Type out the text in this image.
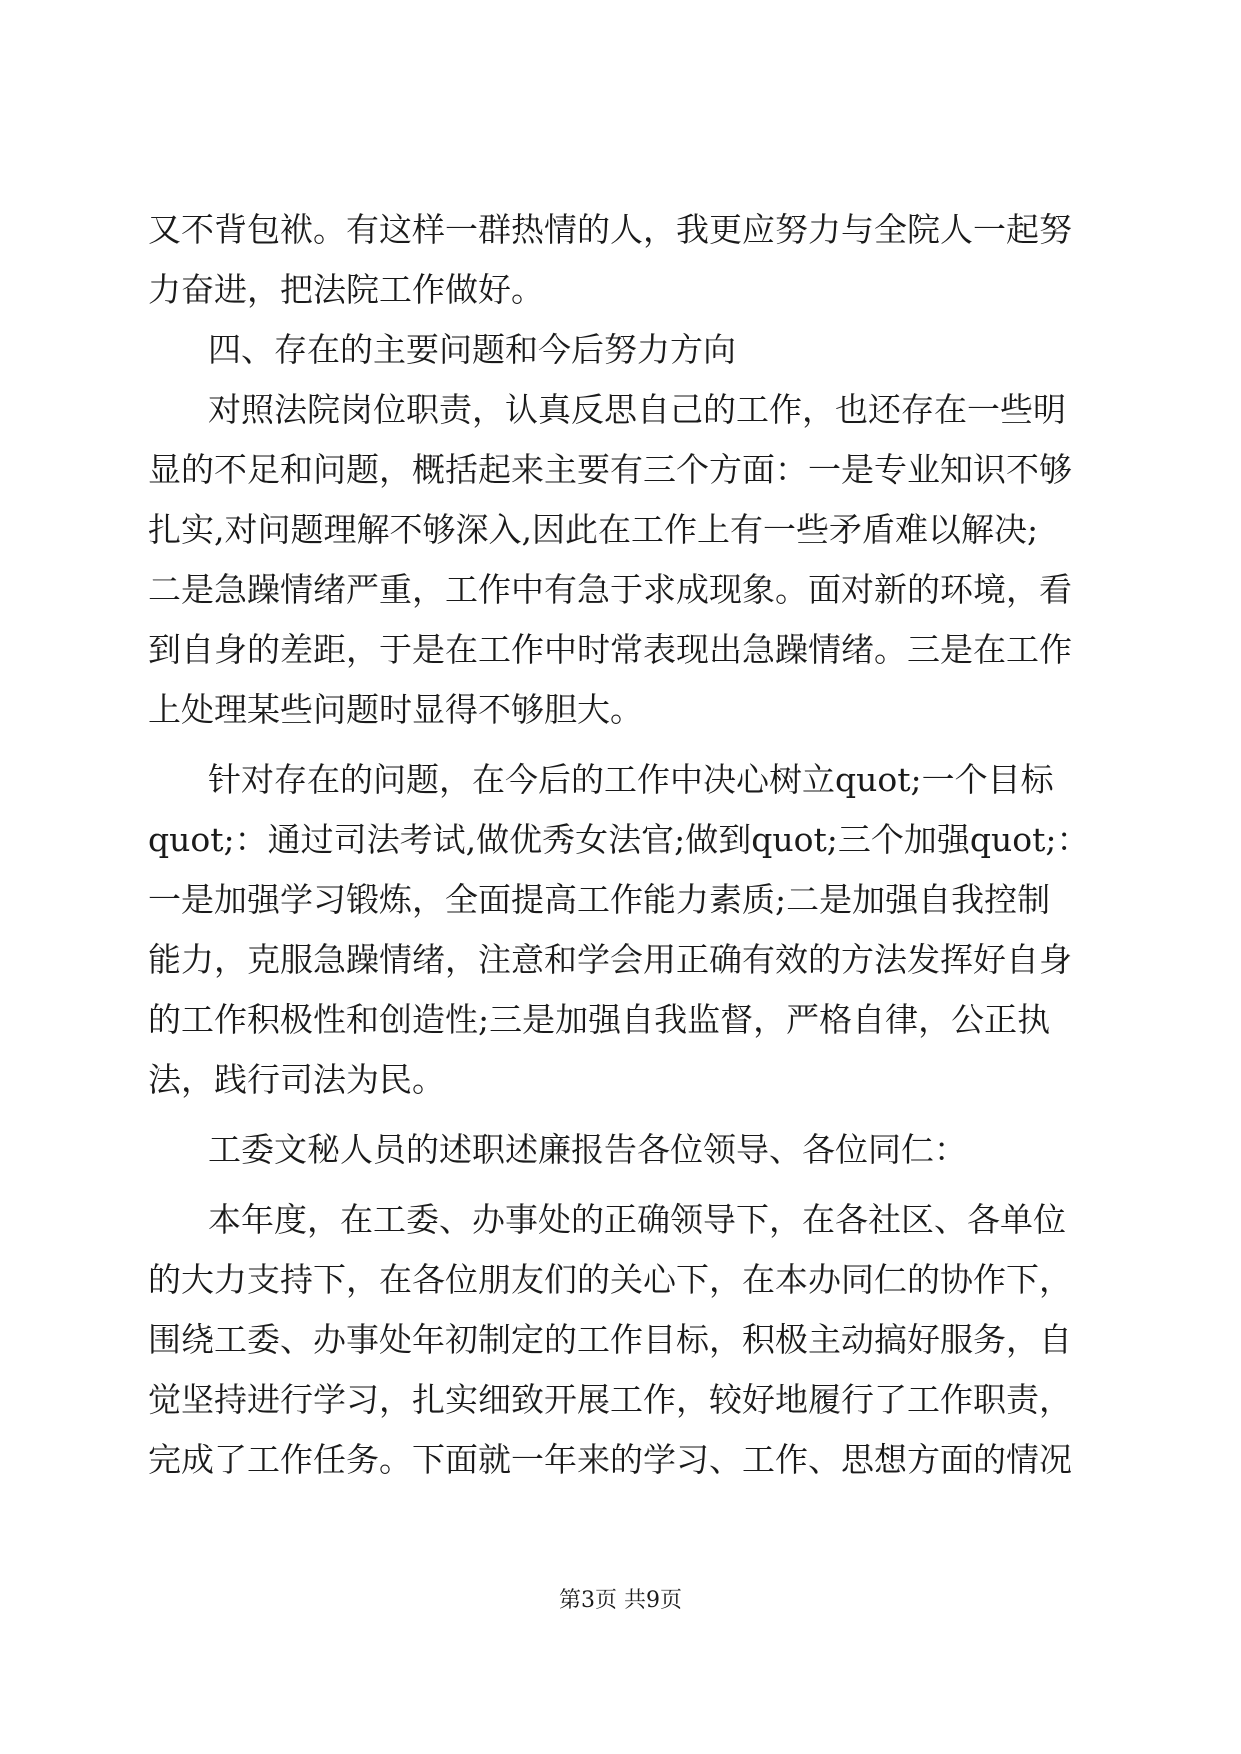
又不背包袱。有这样一群热情的人，我更应努力与全院人一起努
力奋进，把法院工作做好。
四、存在的主要问题和今后努力方向
对照法院岗位职责，认真反思自己的工作，也还存在一些明
显的不足和问题，概括起来主要有三个方面：一是专业知识不够
扎实,对问题理解不够深入,因此在工作上有一些矛盾难以解决;
二是急躁情绪严重，工作中有急于求成现象。面对新的环境，看
到自身的差距，于是在工作中时常表现出急躁情绪。三是在工作
上处理某些问题时显得不够胆大。
针对存在的问题，在今后的工作中决心树立quot;一个目标
quot;：通过司法考试,做优秀女法官;做到quot;三个加强quot;：
一是加强学习锻炼，全面提高工作能力素质;二是加强自我控制
能力，克服急躁情绪，注意和学会用正确有效的方法发挥好自身
的工作积极性和创造性;三是加强自我监督，严格自律，公正执
法，践行司法为民。
工委文秘人员的述职述廉报告各位领导、各位同仁：
本年度，在工委、办事处的正确领导下，在各社区、各单位
的大力支持下，在各位朋友们的关心下，在本办同仁的协作下，
围绕工委、办事处年初制定的工作目标，积极主动搞好服务，自
觉坚持进行学习，扎实细致开展工作，较好地履行了工作职责，
完成了工作任务。下面就一年来的学习、工作、思想方面的情况
第3页 共9页
